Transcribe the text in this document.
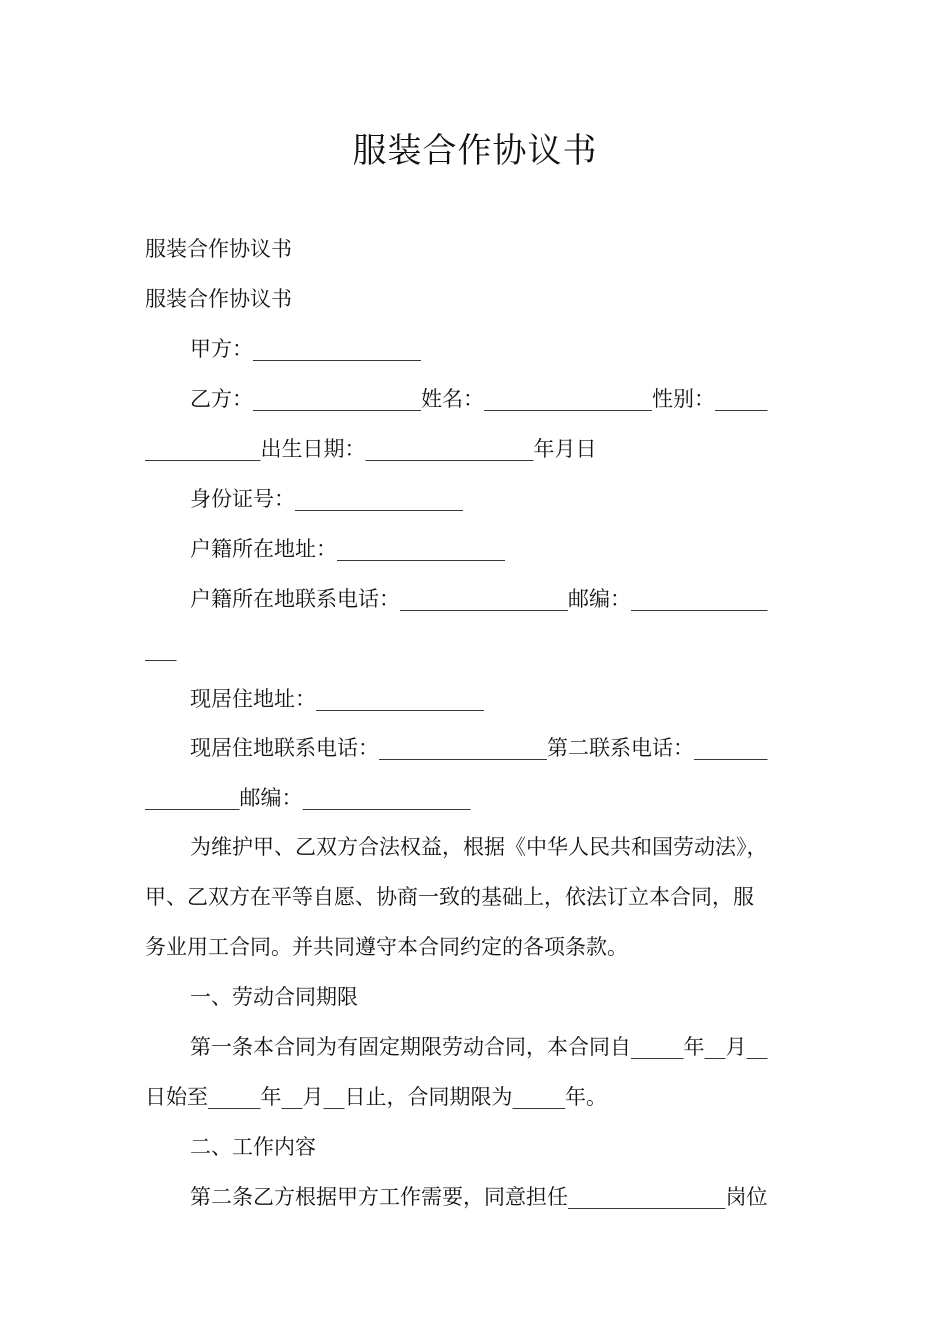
服装合作协议书
服装合作协议书
服装合作协议书
甲方：________________
乙方：________________姓名：________________性别：_____
___________出生日期：________________年月日
身份证号：________________
户籍所在地址：________________
户籍所在地联系电话：________________邮编：_____________
___
现居住地址：________________
现居住地联系电话：________________第二联系电话：_______
_________邮编：________________
为维护甲、乙双方合法权益，根据《中华人民共和国劳动法》，
甲、乙双方在平等自愿、协商一致的基础上，依法订立本合同，服
务业用工合同。并共同遵守本合同约定的各项条款。
一、劳动合同期限
第一条本合同为有固定期限劳动合同，本合同自_____年__月__
日始至_____年__月__日止，合同期限为_____年。
二、工作内容
第二条乙方根据甲方工作需要，同意担任_______________岗位
